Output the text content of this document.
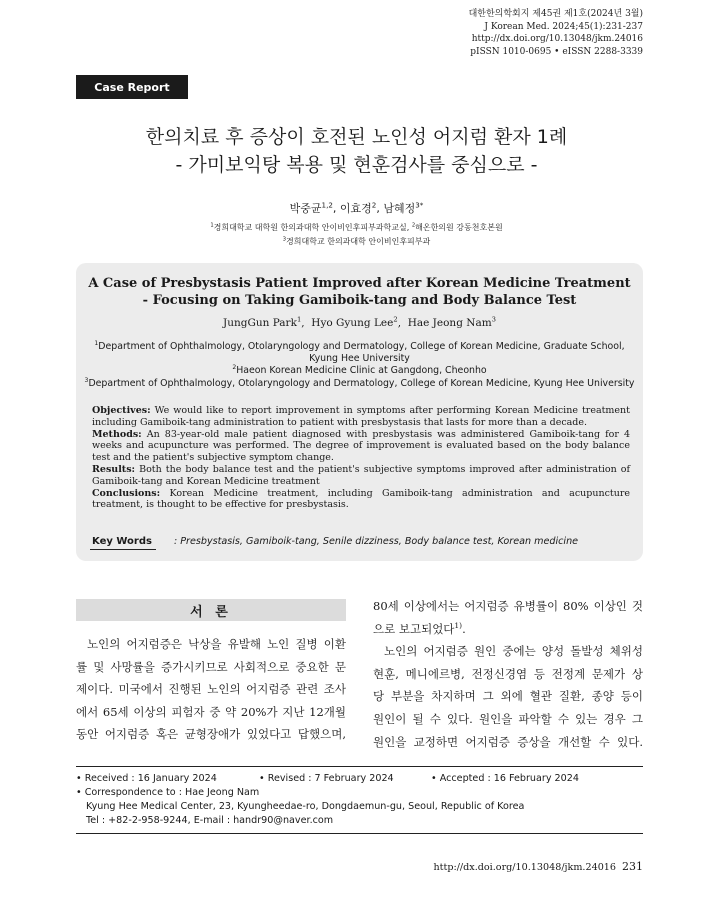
대한한의학회지 제45권 제1호(2024년 3월)
J Korean Med. 2024;45(1):231-237
http://dx.doi.org/10.13048/jkm.24016
pISSN 1010-0695 • eISSN 2288-3339
Case Report
한의치료 후 증상이 호전된 노인성 어지럼 환자 1례
- 가미보익탕 복용 및 현훈검사를 중심으로 -
박중균$^{1,2}$, 이효경$^2$, 남혜정$^{3*}$
$^1$경희대학교 대학원 한의과대학 안이비인후피부과학교실, $^2$해온한의원 강동천호본원
$^3$경희대학교 한의과대학 안이비인후피부과
A Case of Presbystasis Patient Improved after Korean Medicine Treatment
- Focusing on Taking Gamiboik-tang and Body Balance Test
JungGun Park$^1$,  Hyo Gyung Lee$^2$,  Hae Jeong Nam$^3$
$^1$Department of Ophthalmology, Otolaryngology and Dermatology, College of Korean Medicine, Graduate School,
Kyung Hee University
$^2$Haeon Korean Medicine Clinic at Gangdong, Cheonho
$^3$Department of Ophthalmology, Otolaryngology and Dermatology, College of Korean Medicine, Kyung Hee University

Objectives: We would like to report improvement in symptoms after performing Korean Medicine treatment including Gamiboik-tang administration to patient with presbystasis that lasts for more than a decade.

Methods: An 83-year-old male patient diagnosed with presbystasis was administered Gamiboik-tang for 4 weeks and acupuncture was performed. The degree of improvement is evaluated based on the body balance test and the patient's subjective symptom change.

Results: Both the body balance test and the patient's subjective symptoms improved after administration of Gamiboik-tang and Korean Medicine treatment

Conclusions: Korean Medicine treatment, including Gamiboik-tang administration and acupuncture treatment, is thought to be effective for presbystasis.

Key Words : Presbystasis, Gamiboik-tang, Senile dizziness, Body balance test, Korean medicine
서 론
노인의 어지럼증은 낙상을 유발해 노인 질병 이환
률 및 사망률을 증가시키므로 사회적으로 중요한 문
제이다. 미국에서 진행된 노인의 어지럼증 관련 조사
에서 65세 이상의 피험자 중 약 20%가 지난 12개월
동안 어지럼증 혹은 균형장애가 있었다고 답했으며,
80세 이상에서는 어지럼증 유병률이 80% 이상인 것
으로 보고되었다$^{1)}$.
노인의 어지럼증 원인 중에는 양성 돌발성 체위성
현훈, 메니에르병, 전정신경염 등 전정계 문제가 상
당 부분을 차지하며 그 외에 혈관 질환, 종양 등이
원인이 될 수 있다. 원인을 파악할 수 있는 경우 그
원인을 교정하면 어지럼증 증상을 개선할 수 있다.
• Received : 16 January 2024	• Revised : 7 February 2024	• Accepted : 16 February 2024
• Correspondence to : Hae Jeong Nam
Kyung Hee Medical Center, 23, Kyungheedae-ro, Dongdaemun-gu, Seoul, Republic of Korea
Tel : +82-2-958-9244, E-mail : handr90@naver.com
http://dx.doi.org/10.13048/jkm.24016 231
